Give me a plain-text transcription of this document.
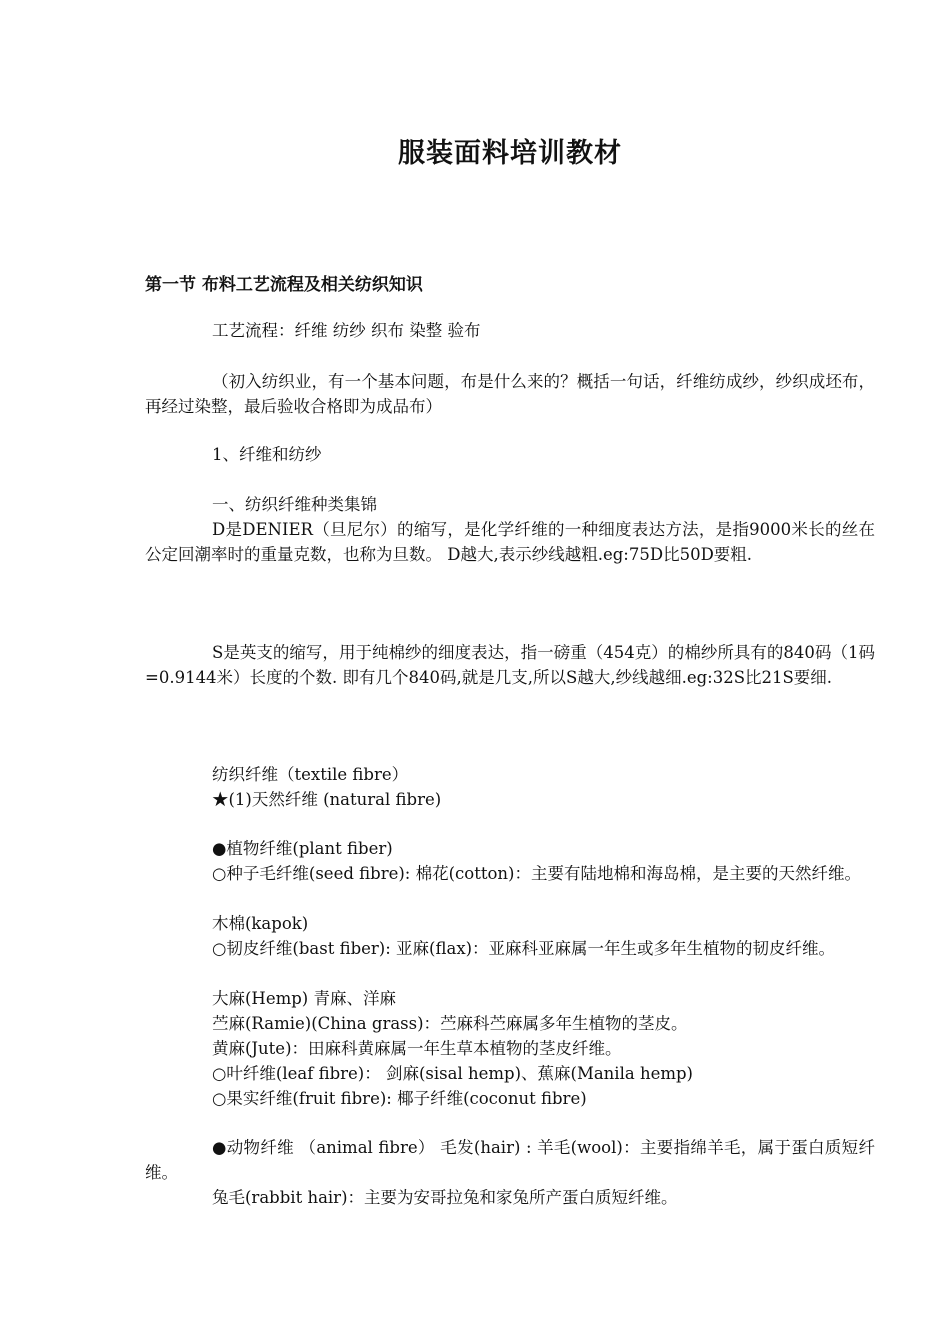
服装面料培训教材
第一节 布料工艺流程及相关纺织知识

工艺流程：纤维 纺纱 织布 染整 验布

（初入纺织业，有一个基本问题，布是什么来的？概括一句话，纤维纺成纱，纱织成坯布，再经过染整，最后验收合格即为成品布）

1、纤维和纺纱

一、纺织纤维种类集锦

D是DENIER（旦尼尔）的缩写，是化学纤维的一种细度表达方法，是指9000米长的丝在公定回潮率时的重量克数，也称为旦数。 D越大,表示纱线越粗.eg:75D比50D要粗.

S是英支的缩写，用于纯棉纱的细度表达，指一磅重（454克）的棉纱所具有的840码（1码=0.9144米）长度的个数. 即有几个840码,就是几支,所以S越大,纱线越细.eg:32S比21S要细.

纺织纤维（textile fibre）

★(1)天然纤维 (natural fibre)

●植物纤维(plant fiber)

○种子毛纤维(seed fibre): 棉花(cotton)：主要有陆地棉和海岛棉，是主要的天然纤维。

木棉(kapok)

○韧皮纤维(bast fiber): 亚麻(flax)：亚麻科亚麻属一年生或多年生植物的韧皮纤维。

大麻(Hemp) 青麻、洋麻

苎麻(Ramie)(China grass)：苎麻科苎麻属多年生植物的茎皮。

黄麻(Jute)：田麻科黄麻属一年生草本植物的茎皮纤维。

○叶纤维(leaf fibre)： 剑麻(sisal hemp)、蕉麻(Manila hemp)

○果实纤维(fruit fibre): 椰子纤维(coconut fibre)

●动物纤维 （animal fibre） 毛发(hair) : 羊毛(wool)：主要指绵羊毛，属于蛋白质短纤维。

兔毛(rabbit hair)：主要为安哥拉兔和家兔所产蛋白质短纤维。
